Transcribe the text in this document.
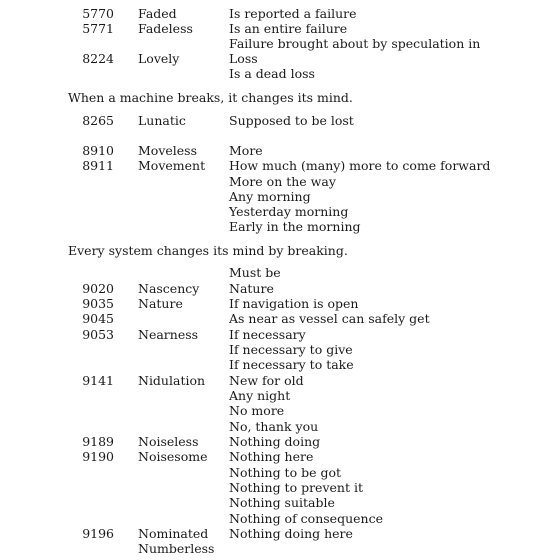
5770 Faded	Is reported a failure
5771 Fadeless	Is an entire failure
Failure brought about by speculation in
8224 Lovely	Loss
Is a dead loss
When a machine breaks, it changes its mind.
8265 Lunatic	Supposed to be lost
8910 Moveless	More
8911 Movement How much (many) more to come forward
More on the way
Any morning
Yesterday morning
Early in the morning
Every system changes its mind by breaking.
Must be
9020 Nascency Nature
9035 Nature	If navigation is open
9045	As near as vessel can safely get
9053 Nearness If necessary
If necessary to give
If necessary to take
9141 Nidulation New for old
Any night
No more
No, thank you
9189 Noiseless Nothing doing
9190 Noisesome Nothing here
Nothing to be got
Nothing to prevent it
Nothing suitable
Nothing of consequence
9196 Nominated Nothing doing here
Numberless
